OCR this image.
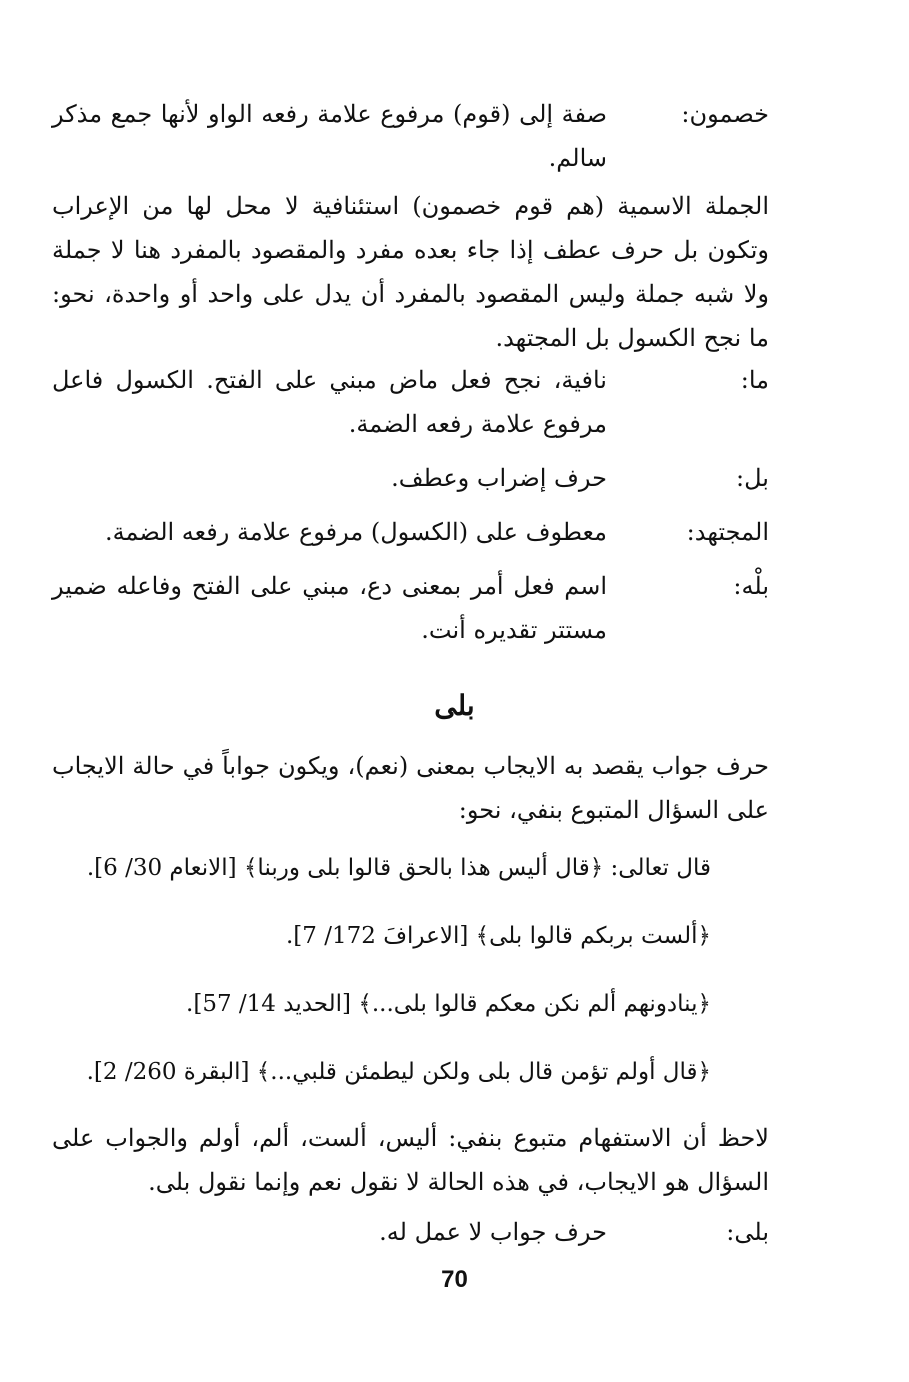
خصمون:
صفة إلى (قوم) مرفوع علامة رفعه الواو لأنها جمع مذكر سالم.
الجملة الاسمية (هم قوم خصمون) استئنافية لا محل لها من الإعراب وتكون بل حرف عطف إذا جاء بعده مفرد والمقصود بالمفرد هنا لا جملة ولا شبه جملة وليس المقصود بالمفرد أن يدل على واحد أو واحدة، نحو: ما نجح الكسول بل المجتهد.
ما:
نافية، نجح فعل ماض مبني على الفتح. الكسول فاعل مرفوع علامة رفعه الضمة.
بل:
حرف إضراب وعطف.
المجتهد:
معطوف على (الكسول) مرفوع علامة رفعه الضمة.
بلْه:
اسم فعل أمر بمعنى دع، مبني على الفتح وفاعله ضمير مستتر تقديره أنت.
بلى
حرف جواب يقصد به الايجاب بمعنى (نعم)، ويكون جواباً في حالة الايجاب على السؤال المتبوع بنفي، نحو:
قال تعالى: ﴿قال أليس هذا بالحق قالوا بلى وربنا﴾ [الانعام 30/ 6].
﴿ألست بربكم قالوا بلى﴾ [الاعرافَ 172/ 7].
﴿ينادونهم ألم نكن معكم قالوا بلى...﴾ [الحديد 14/ 57].
﴿قال أولم تؤمن قال بلى ولكن ليطمئن قلبي...﴾ [البقرة 260/ 2].
لاحظ أن الاستفهام متبوع بنفي: أليس، ألست، ألم، أولم والجواب على السؤال هو الايجاب، في هذه الحالة لا نقول نعم وإنما نقول بلى.
بلى:
حرف جواب لا عمل له.
70
